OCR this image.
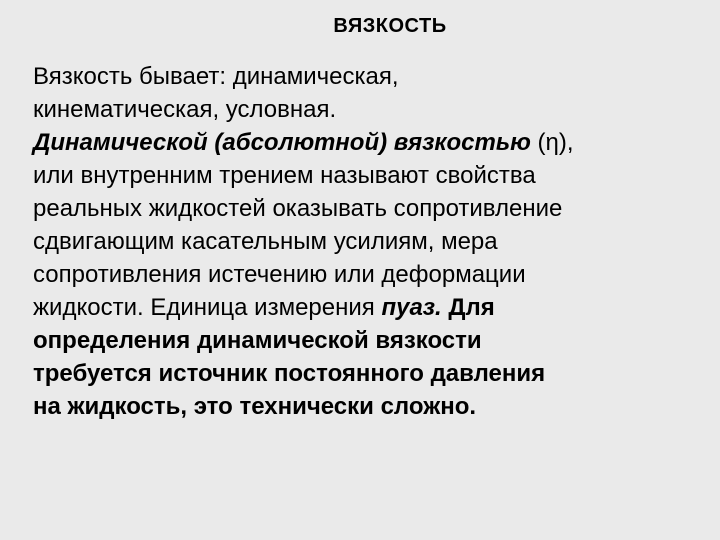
ВЯЗКОСТЬ
Вязкость бывает: динамическая,
кинематическая, условная.
Динамической (абсолютной) вязкостью (η),
или внутренним трением называют свойства
реальных жидкостей оказывать сопротивление
сдвигающим касательным усилиям, мера
сопротивления истечению или деформации
жидкости. Единица измерения пуаз. Для
определения динамической вязкости
требуется источник постоянного давления
на жидкость, это технически сложно.
